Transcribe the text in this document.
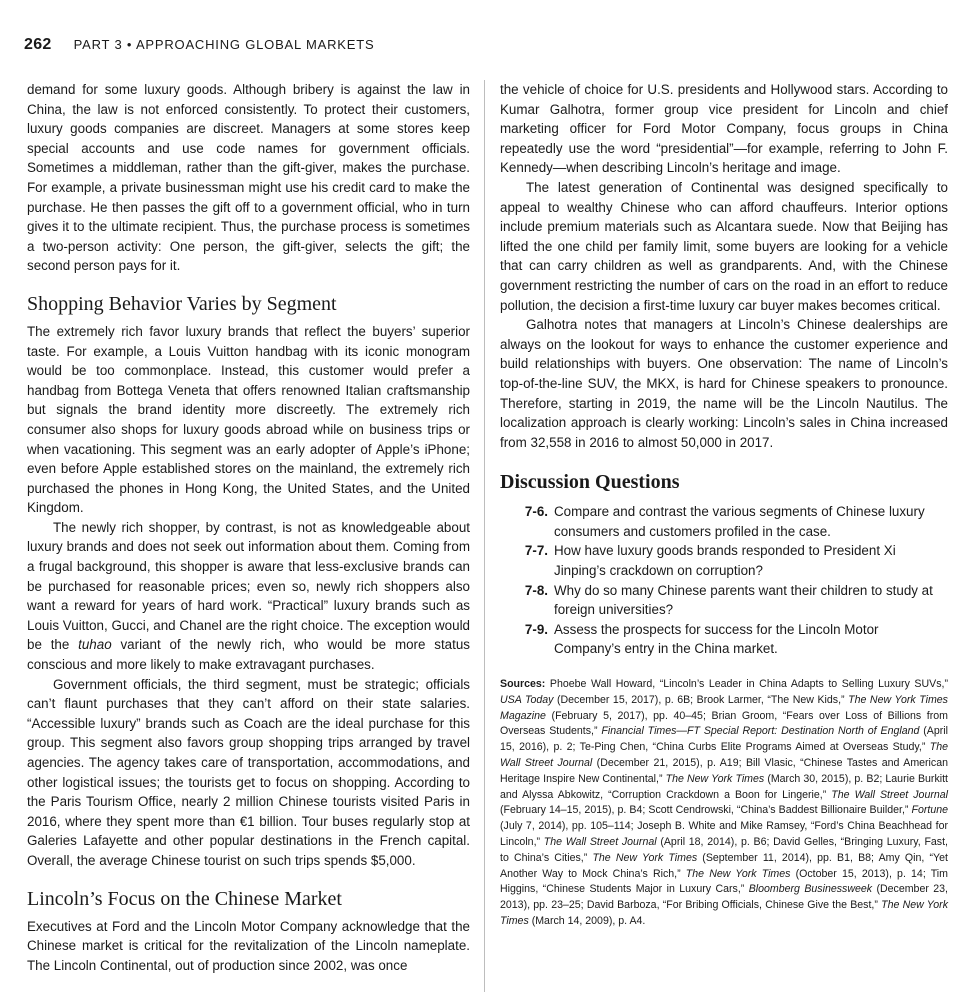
262 PART 3 • APPROACHING GLOBAL MARKETS

demand for some luxury goods. Although bribery is against the law in China, the law is not enforced consistently. To protect their customers, luxury goods companies are discreet. Managers at some stores keep special accounts and use code names for government officials. Sometimes a middleman, rather than the gift-giver, makes the purchase. For example, a private businessman might use his credit card to make the purchase. He then passes the gift off to a government official, who in turn gives it to the ultimate recipient. Thus, the purchase process is sometimes a two-person activity: One person, the gift-giver, selects the gift; the second person pays for it.

Shopping Behavior Varies by Segment

The extremely rich favor luxury brands that reflect the buyers’ superior taste. For example, a Louis Vuitton handbag with its iconic monogram would be too commonplace. Instead, this customer would prefer a handbag from Bottega Veneta that offers renowned Italian craftsmanship but signals the brand identity more discreetly. The extremely rich consumer also shops for luxury goods abroad while on business trips or when vacationing. This segment was an early adopter of Apple’s iPhone; even before Apple established stores on the mainland, the extremely rich purchased the phones in Hong Kong, the United States, and the United Kingdom.

The newly rich shopper, by contrast, is not as knowledgeable about luxury brands and does not seek out information about them. Coming from a frugal background, this shopper is aware that less-exclusive brands can be purchased for reasonable prices; even so, newly rich shoppers also want a reward for years of hard work. “Practical” luxury brands such as Louis Vuitton, Gucci, and Chanel are the right choice. The exception would be the tuhao variant of the newly rich, who would be more status conscious and more likely to make extravagant purchases.

Government officials, the third segment, must be strategic; officials can’t flaunt purchases that they can’t afford on their state salaries. “Accessible luxury” brands such as Coach are the ideal purchase for this group. This segment also favors group shopping trips arranged by travel agencies. The agency takes care of transportation, accommodations, and other logistical issues; the tourists get to focus on shopping. According to the Paris Tourism Office, nearly 2 million Chinese tourists visited Paris in 2016, where they spent more than €1 billion. Tour buses regularly stop at Galeries Lafayette and other popular destinations in the French capital. Overall, the average Chinese tourist on such trips spends $5,000.

Lincoln’s Focus on the Chinese Market

Executives at Ford and the Lincoln Motor Company acknowledge that the Chinese market is critical for the revitalization of the Lincoln nameplate. The Lincoln Continental, out of production since 2002, was once

the vehicle of choice for U.S. presidents and Hollywood stars. According to Kumar Galhotra, former group vice president for Lincoln and chief marketing officer for Ford Motor Company, focus groups in China repeatedly use the word “presidential”—for example, referring to John F. Kennedy—when describing Lincoln’s heritage and image.

The latest generation of Continental was designed specifically to appeal to wealthy Chinese who can afford chauffeurs. Interior options include premium materials such as Alcantara suede. Now that Beijing has lifted the one child per family limit, some buyers are looking for a vehicle that can carry children as well as grandparents. And, with the Chinese government restricting the number of cars on the road in an effort to reduce pollution, the decision a first-time luxury car buyer makes becomes critical.

Galhotra notes that managers at Lincoln’s Chinese dealerships are always on the lookout for ways to enhance the customer experience and build relationships with buyers. One observation: The name of Lincoln’s top-of-the-line SUV, the MKX, is hard for Chinese speakers to pronounce. Therefore, starting in 2019, the name will be the Lincoln Nautilus. The localization approach is clearly working: Lincoln’s sales in China increased from 32,558 in 2016 to almost 50,000 in 2017.

Discussion Questions
7-6. Compare and contrast the various segments of Chinese luxury consumers and customers profiled in the case.
7-7. How have luxury goods brands responded to President Xi Jinping’s crackdown on corruption?
7-8. Why do so many Chinese parents want their children to study at foreign universities?
7-9. Assess the prospects for success for the Lincoln Motor Company’s entry in the China market.
Sources: Phoebe Wall Howard, “Lincoln’s Leader in China Adapts to Selling Luxury SUVs,” USA Today (December 15, 2017), p. 6B; Brook Larmer, “The New Kids,” The New York Times Magazine (February 5, 2017), pp. 40–45; Brian Groom, “Fears over Loss of Billions from Overseas Students,” Financial Times—FT Special Report: Destination North of England (April 15, 2016), p. 2; Te-Ping Chen, “China Curbs Elite Programs Aimed at Overseas Study,” The Wall Street Journal (December 21, 2015), p. A19; Bill Vlasic, “Chinese Tastes and American Heritage Inspire New Continental,” The New York Times (March 30, 2015), p. B2; Laurie Burkitt and Alyssa Abkowitz, “Corruption Crackdown a Boon for Lingerie,” The Wall Street Journal (February 14–15, 2015), p. B4; Scott Cendrowski, “China’s Baddest Billionaire Builder,” Fortune (July 7, 2014), pp. 105–114; Joseph B. White and Mike Ramsey, “Ford’s China Beachhead for Lincoln,” The Wall Street Journal (April 18, 2014), p. B6; David Gelles, “Bringing Luxury, Fast, to China’s Cities,” The New York Times (September 11, 2014), pp. B1, B8; Amy Qin, “Yet Another Way to Mock China’s Rich,” The New York Times (October 15, 2013), p. 14; Tim Higgins, “Chinese Students Major in Luxury Cars,” Bloomberg Businessweek (December 23, 2013), pp. 23–25; David Barboza, “For Bribing Officials, Chinese Give the Best,” The New York Times (March 14, 2009), p. A4.
